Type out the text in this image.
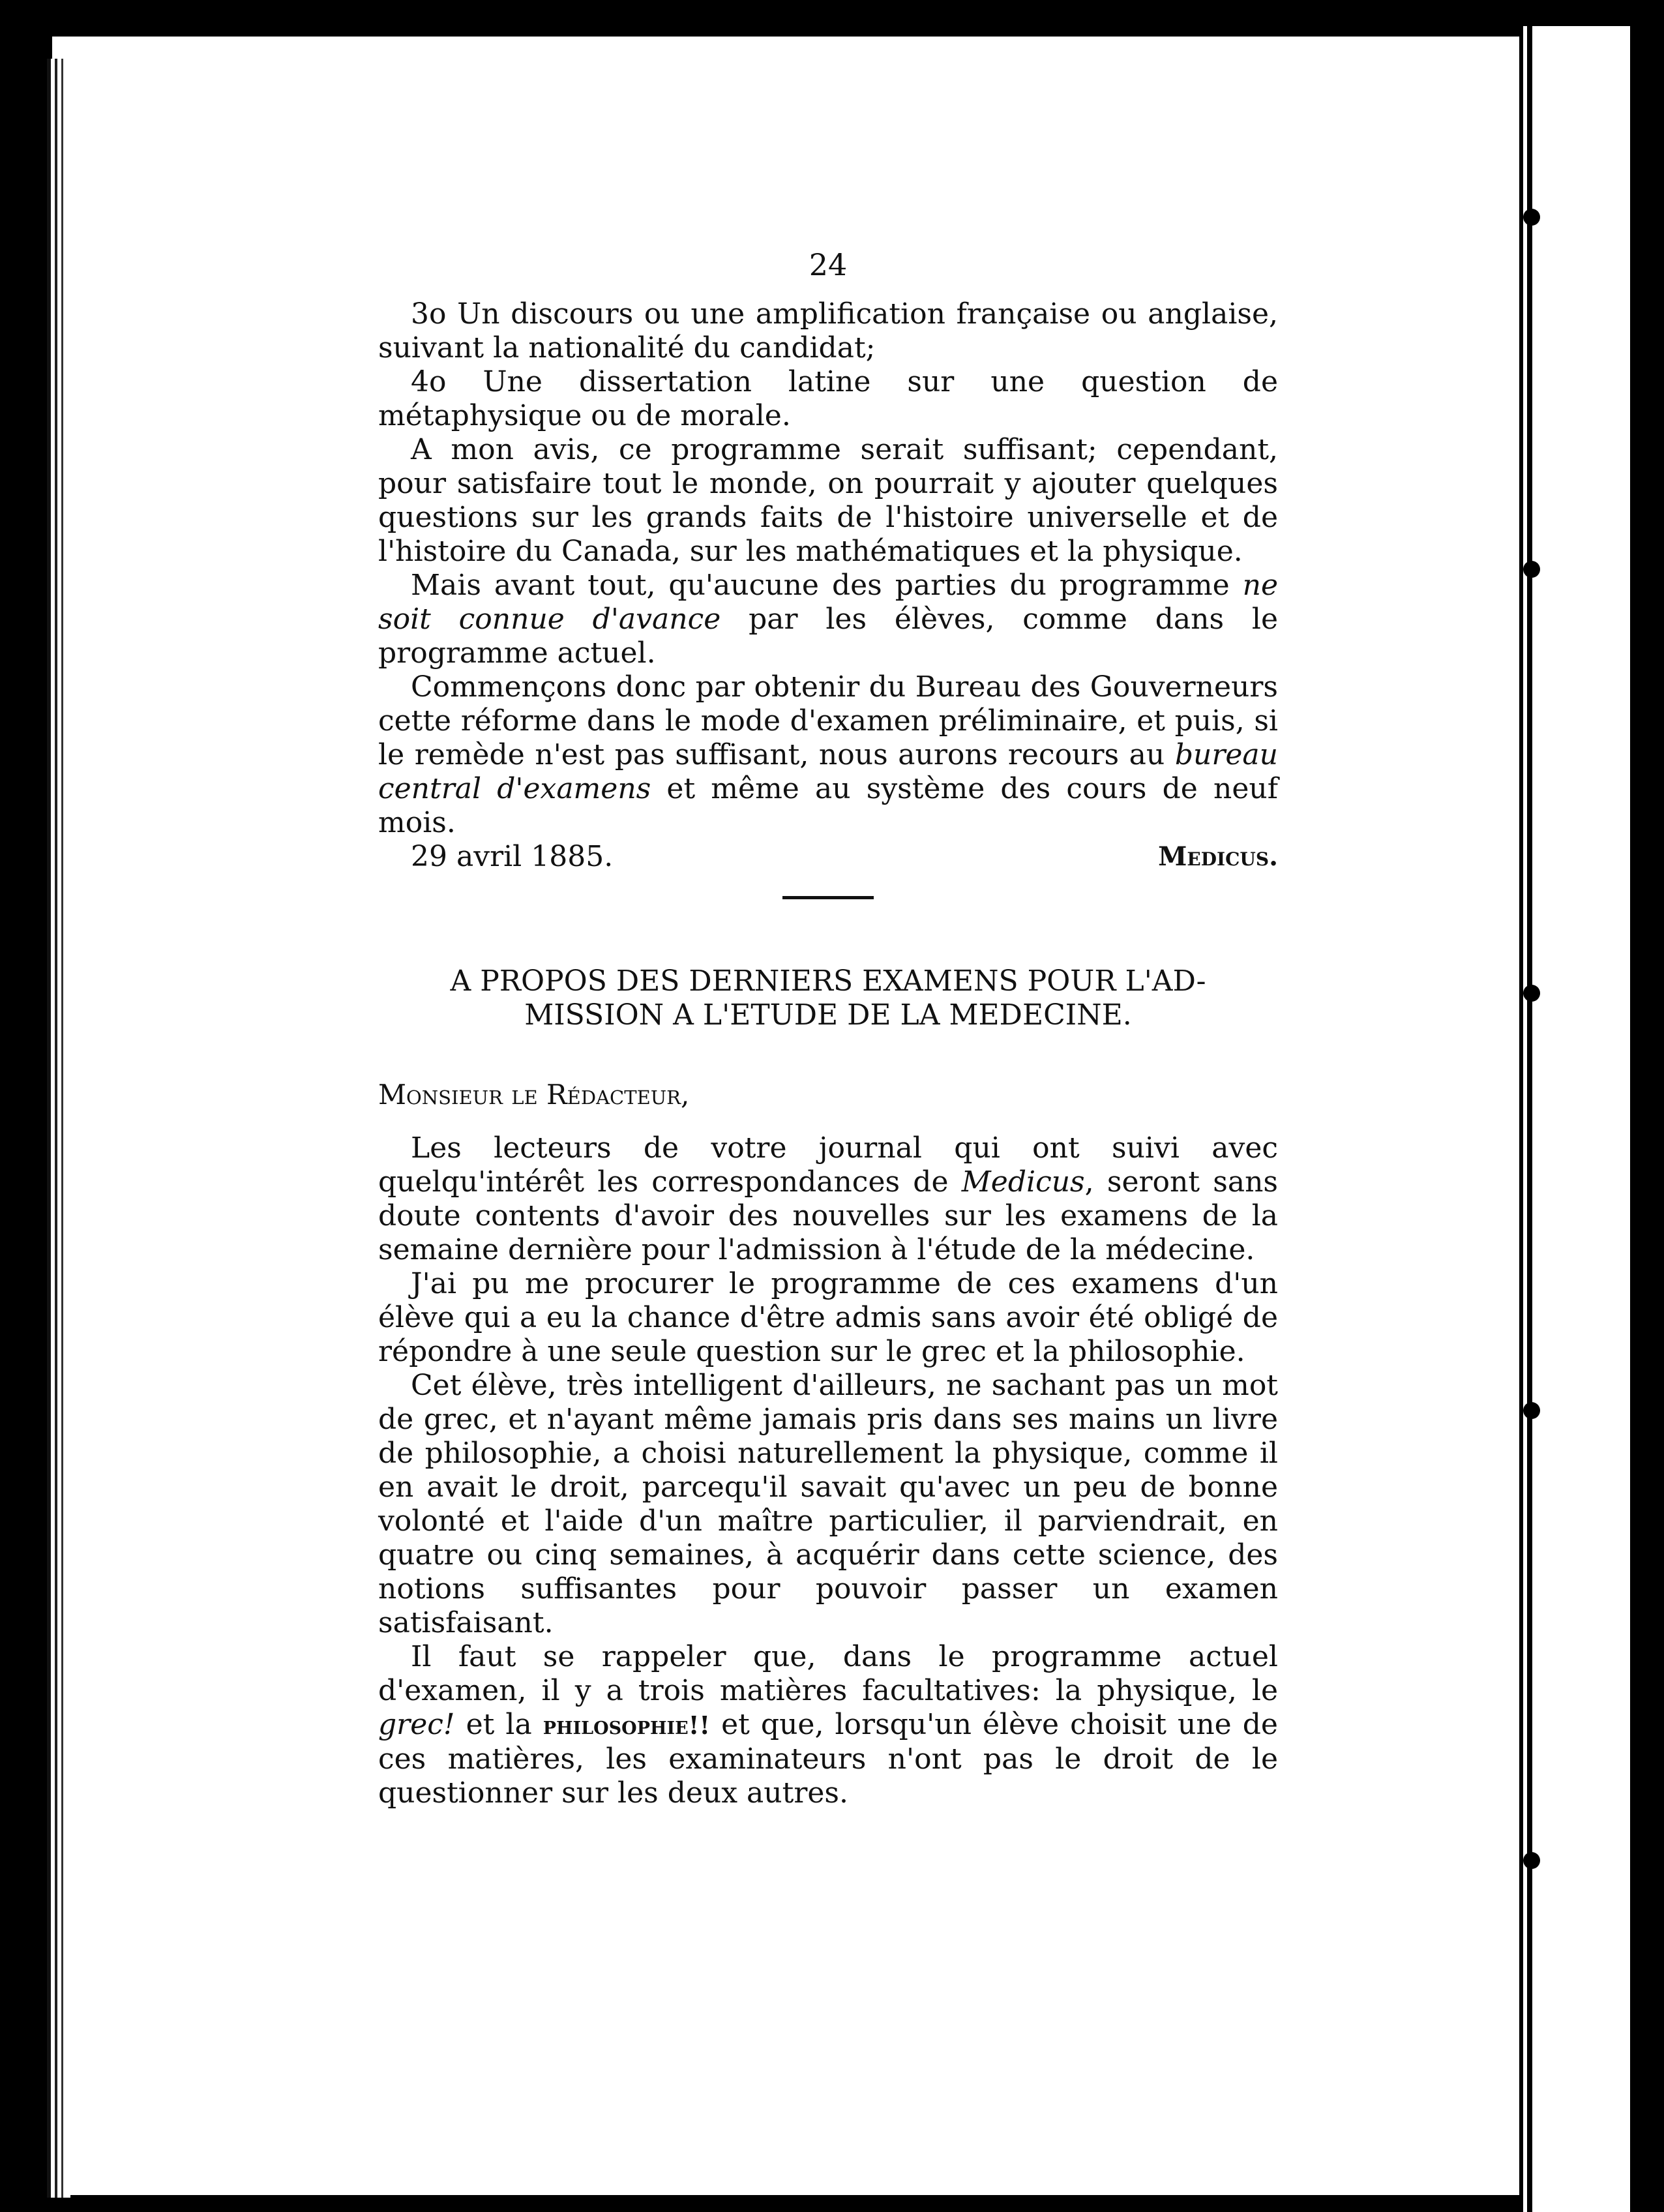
24

3o Un discours ou une amplification française ou anglaise, suivant la nationalité du candidat;

4o Une dissertation latine sur une question de métaphysique ou de morale.

A mon avis, ce programme serait suffisant; cependant, pour satisfaire tout le monde, on pourrait y ajouter quelques questions sur les grands faits de l'histoire universelle et de l'histoire du Canada, sur les mathématiques et la physique.

Mais avant tout, qu'aucune des parties du programme ne soit connue d'avance par les élèves, comme dans le programme actuel.

Commençons donc par obtenir du Bureau des Gouverneurs cette réforme dans le mode d'examen préliminaire, et puis, si le remède n'est pas suffisant, nous aurons recours au bureau central d'examens et même au système des cours de neuf mois.

29 avril 1885.	Medicus.
A PROPOS DES DERNIERS EXAMENS POUR L'AD-
MISSION A L'ETUDE DE LA MEDECINE.

Monsieur le Rédacteur,

Les lecteurs de votre journal qui ont suivi avec quelqu'intérêt les correspondances de Medicus, seront sans doute contents d'avoir des nouvelles sur les examens de la semaine dernière pour l'admission à l'étude de la médecine.

J'ai pu me procurer le programme de ces examens d'un élève qui a eu la chance d'être admis sans avoir été obligé de répondre à une seule question sur le grec et la philosophie.

Cet élève, très intelligent d'ailleurs, ne sachant pas un mot de grec, et n'ayant même jamais pris dans ses mains un livre de philosophie, a choisi naturellement la physique, comme il en avait le droit, parcequ'il savait qu'avec un peu de bonne volonté et l'aide d'un maître particulier, il parviendrait, en quatre ou cinq semaines, à acquérir dans cette science, des notions suffisantes pour pouvoir passer un examen satisfaisant.

Il faut se rappeler que, dans le programme actuel d'examen, il y a trois matières facultatives: la physique, le grec! et la philosophie!! et que, lorsqu'un élève choisit une de ces matières, les examinateurs n'ont pas le droit de le questionner sur les deux autres.
